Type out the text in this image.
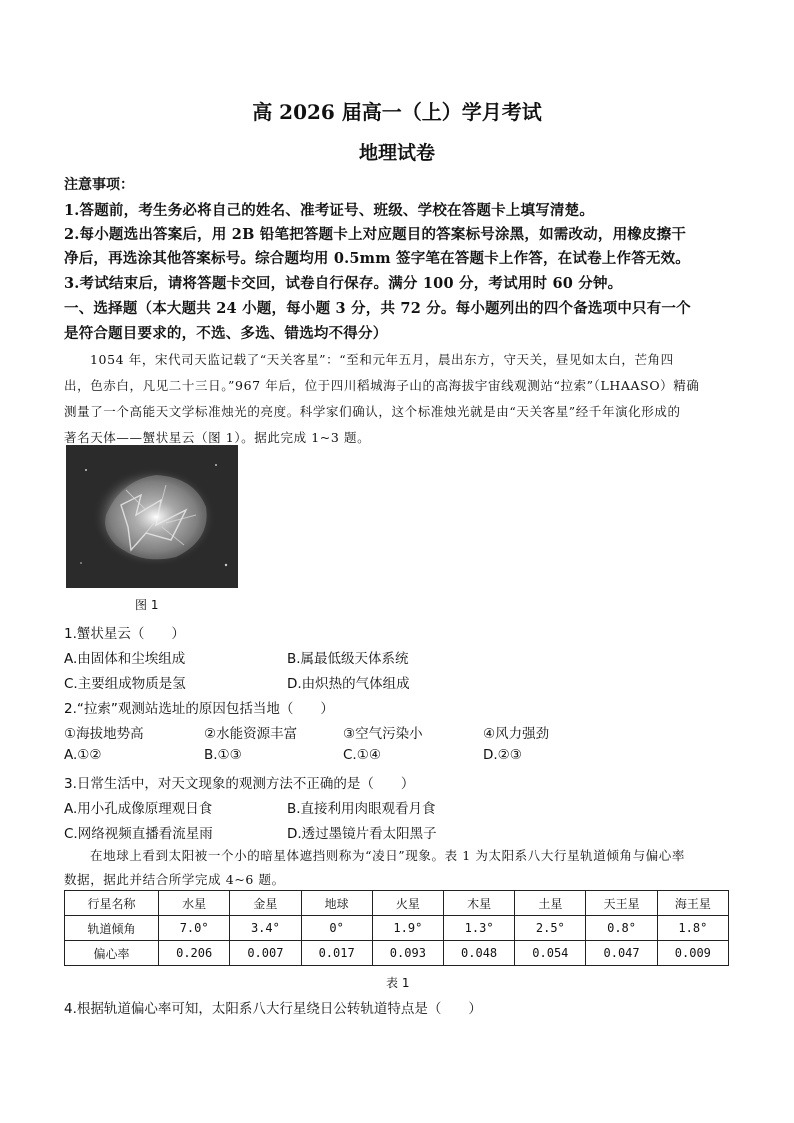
高 2026 届高一（上）学月考试
地理试卷
注意事项：
1.答题前，考生务必将自己的姓名、准考证号、班级、学校在答题卡上填写清楚。
2.每小题选出答案后，用 2B 铅笔把答题卡上对应题目的答案标号涂黑，如需改动，用橡皮擦干
净后，再选涂其他答案标号。综合题均用 0.5mm 签字笔在答题卡上作答，在试卷上作答无效。
3.考试结束后，请将答题卡交回，试卷自行保存。满分 100 分，考试用时 60 分钟。
一、选择题（本大题共 24 小题，每小题 3 分，共 72 分。每小题列出的四个备选项中只有一个
是符合题目要求的，不选、多选、错选均不得分）
1054 年，宋代司天监记载了“天关客星”：“至和元年五月，晨出东方，守天关，昼见如太白，芒角四
出，色赤白，凡见二十三日。”967 年后，位于四川稻城海子山的高海拔宇宙线观测站“拉索”（LHAASO）精确
测量了一个高能天文学标准烛光的亮度。科学家们确认，这个标准烛光就是由“天关客星”经千年演化形成的
著名天体——蟹状星云（图 1）。据此完成 1~3 题。
图 1
1.蟹状星云（　　）
A.由固体和尘埃组成	B.属最低级天体系统
C.主要组成物质是氢	D.由炽热的气体组成
2.“拉索”观测站选址的原因包括当地（　　）
①海拔地势高	②水能资源丰富	③空气污染小	④风力强劲
A.①②	B.①③	C.①④	D.②③
3.日常生活中，对天文现象的观测方法不正确的是（　　）
A.用小孔成像原理观日食	B.直接利用肉眼观看月食
C.网络视频直播看流星雨	D.透过墨镜片看太阳黑子
在地球上看到太阳被一个小的暗星体遮挡则称为“凌日”现象。表 1 为太阳系八大行星轨道倾角与偏心率
数据，据此并结合所学完成 4~6 题。
行星名称	水星	金星	地球	火星	木星	土星	天王星	海王星
轨道倾角	7.0°	3.4°	0°	1.9°	1.3°	2.5°	0.8°	1.8°
偏心率	0.206	0.007	0.017	0.093	0.048	0.054	0.047	0.009
表 1
4.根据轨道偏心率可知，太阳系八大行星绕日公转轨道特点是（　　）
